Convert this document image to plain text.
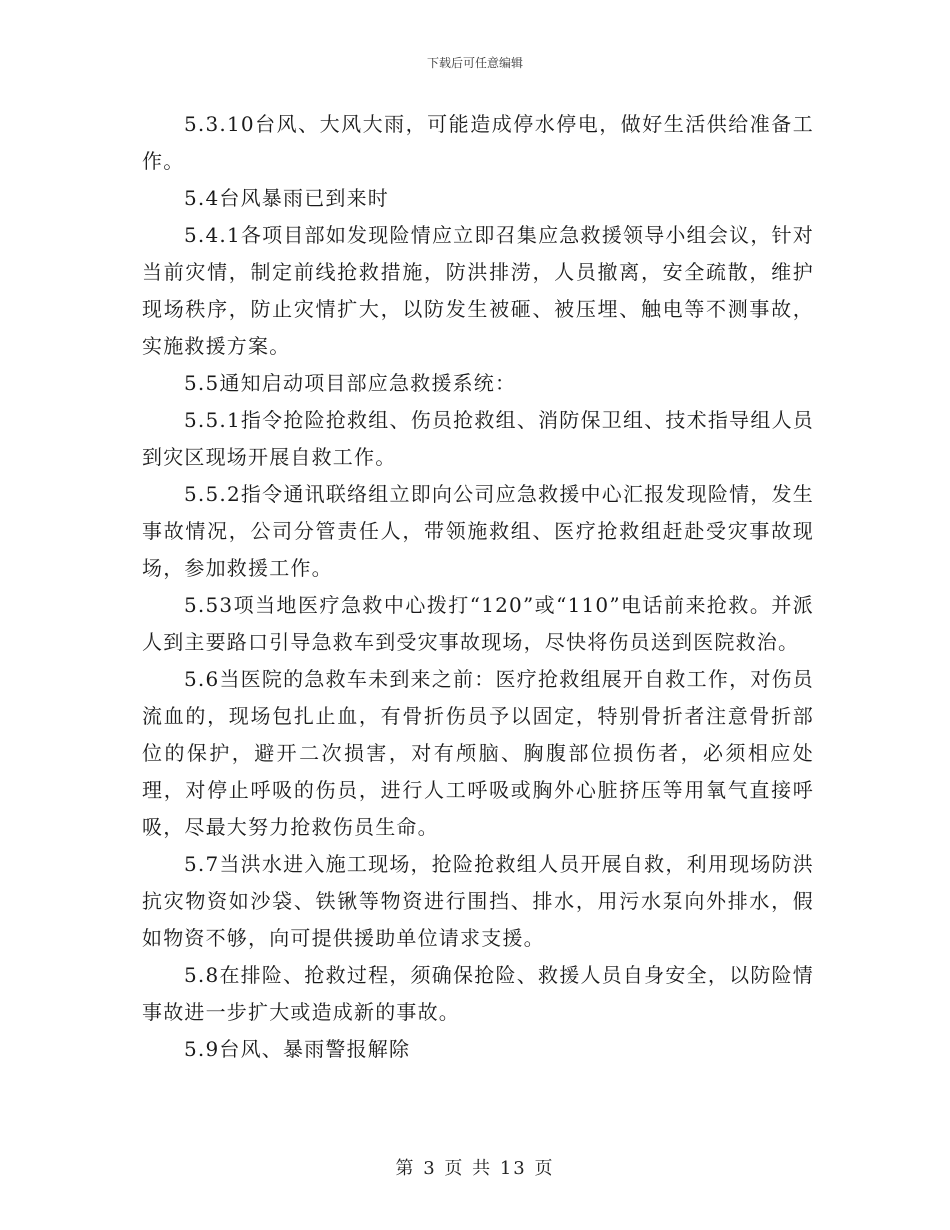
下载后可任意编辑

5.3.10台风、大风大雨，可能造成停水停电，做好生活供给准备工作。

5.4台风暴雨已到来时

5.4.1各项目部如发现险情应立即召集应急救援领导小组会议，针对当前灾情，制定前线抢救措施，防洪排涝，人员撤离，安全疏散，维护现场秩序，防止灾情扩大，以防发生被砸、被压埋、触电等不测事故，实施救援方案。

5.5通知启动项目部应急救援系统：

5.5.1指令抢险抢救组、伤员抢救组、消防保卫组、技术指导组人员到灾区现场开展自救工作。

5.5.2指令通讯联络组立即向公司应急救援中心汇报发现险情，发生事故情况，公司分管责任人，带领施救组、医疗抢救组赶赴受灾事故现场，参加救援工作。

5.53项当地医疗急救中心拨打“120”或“110”电话前来抢救。并派人到主要路口引导急救车到受灾事故现场，尽快将伤员送到医院救治。

5.6当医院的急救车未到来之前：医疗抢救组展开自救工作，对伤员流血的，现场包扎止血，有骨折伤员予以固定，特别骨折者注意骨折部位的保护，避开二次损害，对有颅脑、胸腹部位损伤者，必须相应处理，对停止呼吸的伤员，进行人工呼吸或胸外心脏挤压等用氧气直接呼吸，尽最大努力抢救伤员生命。

5.7当洪水进入施工现场，抢险抢救组人员开展自救，利用现场防洪抗灾物资如沙袋、铁锹等物资进行围挡、排水，用污水泵向外排水，假如物资不够，向可提供援助单位请求支援。

5.8在排险、抢救过程，须确保抢险、救援人员自身安全，以防险情事故进一步扩大或造成新的事故。

5.9台风、暴雨警报解除

第 3 页 共 13 页
